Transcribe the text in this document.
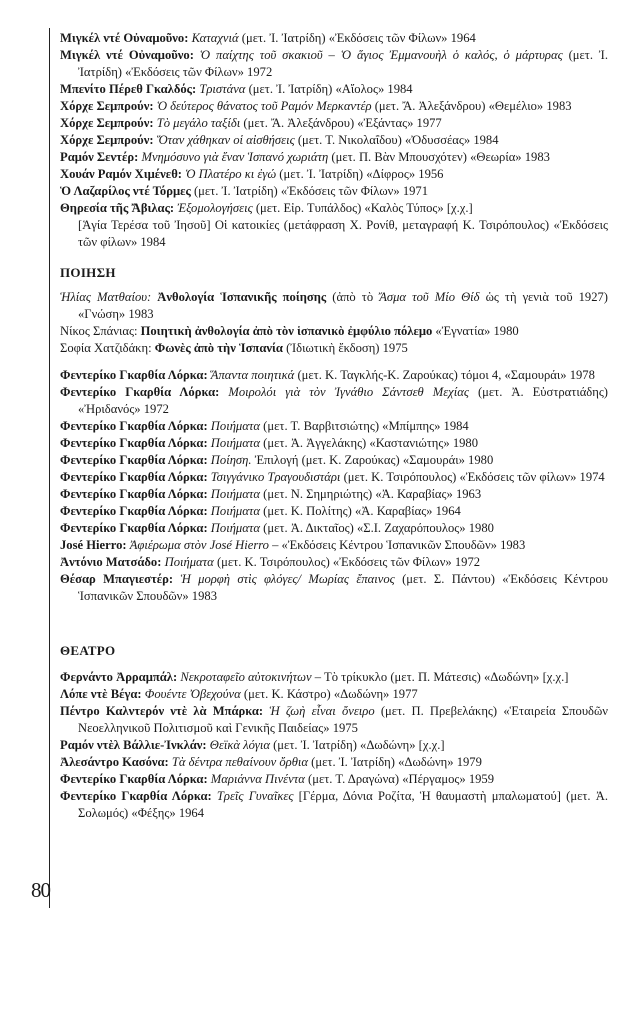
80

Μιγκέλ ντέ Οὐναμοῦνο: Καταχνιά (μετ. Ἰ. Ἰατρίδη) «Ἐκδόσεις τῶν Φίλων» 1964

Μιγκέλ ντέ Οὐναμοῦνο: Ὁ παίχτης τοῦ σκακιοῦ – Ὁ ἅγιος Ἐμμανουὴλ ὁ καλός, ὁ μάρτυρας (μετ. Ἰ. Ἰατρίδη) «Ἐκδόσεις τῶν Φίλων» 1972

Μπενίτο Πέρεθ Γκαλδός: Τριστάνα (μετ. Ἰ. Ἰατρίδη) «Αἴολος» 1984

Χόρχε Σεμπρούν: Ὁ δεύτερος θάνατος τοῦ Ραμόν Μερκαντέρ (μετ. Ἄ. Ἀλεξάνδρου) «Θεμέλιο» 1983

Χόρχε Σεμπρούν: Τὸ μεγάλο ταξίδι (μετ. Ἄ. Ἀλεξάνδρου) «Ἐξάντας» 1977

Χόρχε Σεμπρούν: Ὅταν χάθηκαν οἱ αἰσθήσεις (μετ. Τ. Νικολαΐδου) «Ὀδυσσέας» 1984

Ραμόν Σεντέρ: Μνημόσυνο γιὰ ἕναν Ἱσπανό χωριάτη (μετ. Π. Βὰν Μπουσχότεν) «Θεωρία» 1983

Χουάν Ραμόν Χιμένεθ: Ὁ Πλατέρο κι ἐγώ (μετ. Ἰ. Ἰατρίδη) «Δίφρος» 1956

Ὁ Λαζαρίλος ντέ Τόρμες (μετ. Ἰ. Ἰατρίδη) «Ἐκδόσεις τῶν Φίλων» 1971

Θηρεσία τῆς Ἄβιλας: Ἐξομολογήσεις (μετ. Εἰρ. Τυπάλδος) «Καλὸς Τύπος» [χ.χ.]

[Ἁγία Τερέσα τοῦ Ἰησοῦ] Οἱ κατοικίες (μετάφραση Χ. Ρονίθ, μεταγραφή Κ. Τσιρόπουλος) «Ἐκδόσεις τῶν φίλων» 1984

ΠΟΙΗΣΗ

Ἡλίας Ματθαίου: Ἀνθολογία Ἱσπανικῆς ποίησης (ἀπὸ τὸ Ἄσμα τοῦ Μίο Θίδ ὡς τὴ γενιὰ τοῦ 1927) «Γνώση» 1983

Νίκος Σπάνιας: Ποιητικὴ ἀνθολογία ἀπὸ τὸν ἱσπανικὸ ἐμφύλιο πόλεμο «Ἐγνατία» 1980

Σοφία Χατζιδάκη: Φωνὲς ἀπὸ τὴν Ἱσπανία (Ἰδιωτικὴ ἔκδοση) 1975

Φεντερίκο Γκαρθία Λόρκα: Ἅπαντα ποιητικά (μετ. Κ. Ταγκλής-Κ. Ζαρούκας) τόμοι 4, «Σαμουράι» 1978

Φεντερίκο Γκαρθία Λόρκα: Μοιρολόι γιὰ τὸν Ἰγνάθιο Σάντσεθ Μεχίας (μετ. Ἀ. Εὐστρατιάδης) «Ἠριδανός» 1972

Φεντερίκο Γκαρθία Λόρκα: Ποιήματα (μετ. Τ. Βαρβιτσιώτης) «Μπίμπης» 1984

Φεντερίκο Γκαρθία Λόρκα: Ποιήματα (μετ. Ἀ. Ἀγγελάκης) «Καστανιώτης» 1980

Φεντερίκο Γκαρθία Λόρκα: Ποίηση. Ἐπιλογή (μετ. Κ. Ζαρούκας) «Σαμουράι» 1980

Φεντερίκο Γκαρθία Λόρκα: Τσιγγάνικο Τραγουδιστάρι (μετ. Κ. Τσιρόπουλος) «Ἐκδόσεις τῶν φίλων» 1974

Φεντερίκο Γκαρθία Λόρκα: Ποιήματα (μετ. Ν. Σημηριώτης) «Ἀ. Καραβίας» 1963

Φεντερίκο Γκαρθία Λόρκα: Ποιήματα (μετ. Κ. Πολίτης) «Ἀ. Καραβίας» 1964

Φεντερίκο Γκαρθία Λόρκα: Ποιήματα (μετ. Ἀ. Δικταῖος) «Σ.Ι. Ζαχαρόπουλος» 1980

José Hierro: Ἀφιέρωμα στὸν José Hierro – «Ἐκδόσεις Κέντρου Ἱσπανικῶν Σπουδῶν» 1983

Ἀντόνιο Ματσάδο: Ποιήματα (μετ. Κ. Τσιρόπουλος) «Ἐκδόσεις τῶν Φίλων» 1972

Θέσαρ Μπαγιεστέρ: Ἡ μορφὴ στὶς φλόγες/ Μωρίας ἔπαινος (μετ. Σ. Πάντου) «Ἐκδόσεις Κέντρου Ἱσπανικῶν Σπουδῶν» 1983

ΘΕΑΤΡΟ

Φερνάντο Ἀρραμπάλ: Νεκροταφεῖο αὐτοκινήτων – Τὸ τρίκυκλο (μετ. Π. Μάτεσις) «Δωδώνη» [χ.χ.]

Λόπε ντὲ Βέγα: Φουέντε Ὀβεχούνα (μετ. Κ. Κάστρο) «Δωδώνη» 1977

Πέντρο Καλντερόν ντὲ λὰ Μπάρκα: Ἡ ζωὴ εἶναι ὄνειρο (μετ. Π. Πρεβελάκης) «Ἑταιρεία Σπουδῶν Νεοελληνικοῦ Πολιτισμοῦ καὶ Γενικῆς Παιδείας» 1975

Ραμόν ντὲλ Βάλλιε-Ἰνκλάν: Θεϊκὰ λόγια (μετ. Ἰ. Ἰατρίδη) «Δωδώνη» [χ.χ.]

Ἀλεσάντρο Κασόνα: Τὰ δέντρα πεθαίνουν ὄρθια (μετ. Ἰ. Ἰατρίδη) «Δωδώνη» 1979

Φεντερίκο Γκαρθία Λόρκα: Μαριάννα Πινέντα (μετ. Τ. Δραγώνα) «Πέργαμος» 1959

Φεντερίκο Γκαρθία Λόρκα: Τρεῖς Γυναῖκες [Γέρμα, Δόνια Ροζίτα, Ἡ θαυμαστὴ μπαλωματού] (μετ. Ἀ. Σολωμός) «Φέξης» 1964
